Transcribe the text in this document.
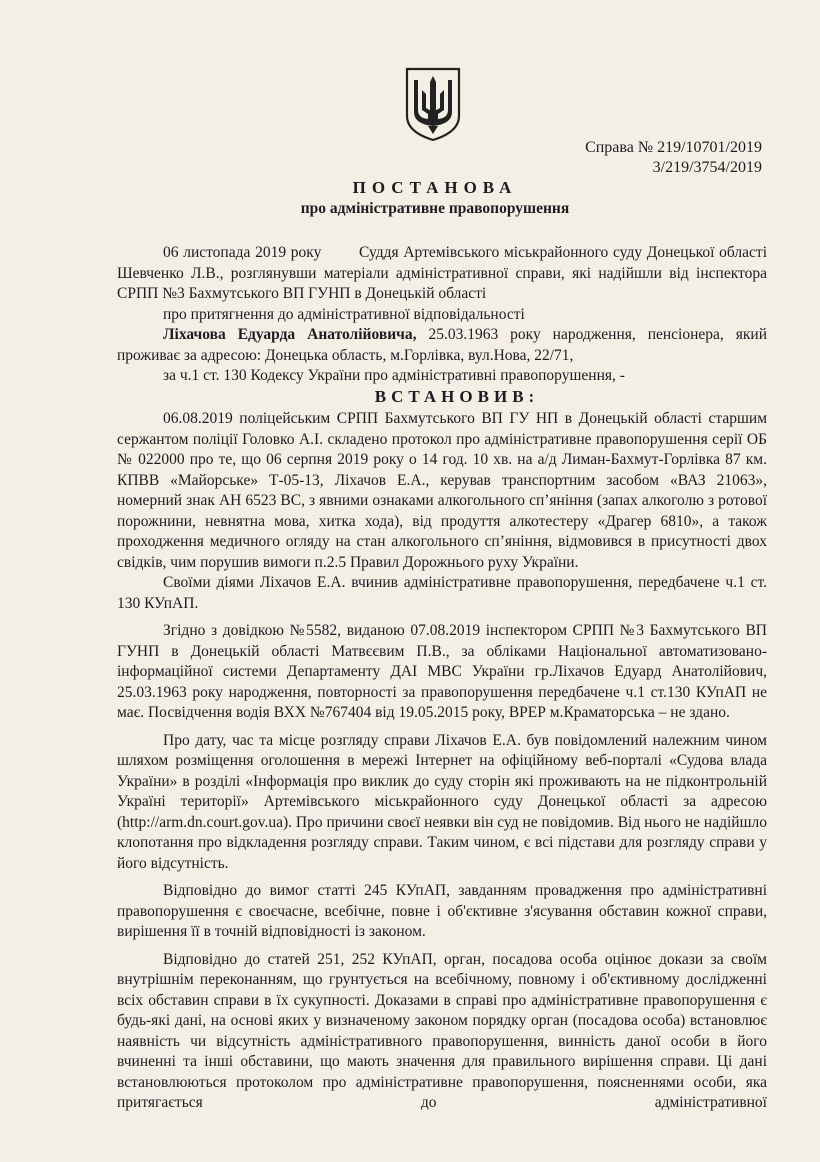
Справа № 219/10701/2019
3/219/3754/2019
ПОСТАНОВА
про адміністративне правопорушення

06 листопада 2019 року Суддя Артемівського міськрайонного суду Донецької області Шевченко Л.В., розглянувши матеріали адміністративної справи, які надійшли від інспектора СРПП №3 Бахмутського ВП ГУНП в Донецькій області

про притягнення до адміністративної відповідальності

Ліхачова Едуарда Анатолійовича, 25.03.1963 року народження, пенсіонера, який проживає за адресою: Донецька область, м.Горлівка, вул.Нова, 22/71,

за ч.1 ст. 130 Кодексу України про адміністративні правопорушення, -

ВСТАНОВИВ:

06.08.2019 поліцейським СРПП Бахмутського ВП ГУ НП в Донецькій області старшим сержантом поліції Головко А.І. складено протокол про адміністративне правопорушення серії ОБ № 022000 про те, що 06 серпня 2019 року о 14 год. 10 хв. на а/д Лиман-Бахмут-Горлівка 87 км. КПВВ «Майорське» Т-05-13, Ліхачов Е.А., керував транспортним засобом «ВАЗ 21063», номерний знак АН 6523 ВС, з явними ознаками алкогольного сп’яніння (запах алкоголю з ротової порожнини, невнятна мова, хитка хода), від продуття алкотестеру «Драгер 6810», а також проходження медичного огляду на стан алкогольного сп’яніння, відмовився в присутності двох свідків, чим порушив вимоги п.2.5 Правил Дорожнього руху України.

Своїми діями Ліхачов Е.А. вчинив адміністративне правопорушення, передбачене ч.1 ст. 130 КУпАП.

Згідно з довідкою №5582, виданою 07.08.2019 інспектором СРПП №3 Бахмутського ВП ГУНП в Донецькій області Матвєєвим П.В., за обліками Національної автоматизовано-інформаційної системи Департаменту ДАІ МВС України гр.Ліхачов Едуард Анатолійович, 25.03.1963 року народження, повторності за правопорушення передбачене ч.1 ст.130 КУпАП не має. Посвідчення водія ВХХ №767404 від 19.05.2015 року, ВРЕР м.Краматорська – не здано.

Про дату, час та місце розгляду справи Ліхачов Е.А. був повідомлений належним чином шляхом розміщення оголошення в мережі Інтернет на офіційному веб-порталі «Судова влада України» в розділі «Інформація про виклик до суду сторін які проживають на не підконтрольній Україні території» Артемівського міськрайонного суду Донецької області за адресою (http://arm.dn.court.gov.ua). Про причини своєї неявки він суд не повідомив. Від нього не надійшло клопотання про відкладення розгляду справи. Таким чином, є всі підстави для розгляду справи у його відсутність.

Відповідно до вимог статті 245 КУпАП, завданням провадження про адміністративні правопорушення є своєчасне, всебічне, повне і об'єктивне з'ясування обставин кожної справи, вирішення її в точній відповідності із законом.

Відповідно до статей 251, 252 КУпАП, орган, посадова особа оцінює докази за своїм внутрішнім переконанням, що грунтується на всебічному, повному і об'єктивному дослідженні всіх обставин справи в їх сукупності. Доказами в справі про адміністративне правопорушення є будь-які дані, на основі яких у визначеному законом порядку орган (посадова особа) встановлює наявність чи відсутність адміністративного правопорушення, винність даної особи в його вчиненні та інші обставини, що мають значення для правильного вирішення справи. Ці дані встановлюються протоколом про адміністративне правопорушення, поясненнями особи, яка притягається до адміністративної
